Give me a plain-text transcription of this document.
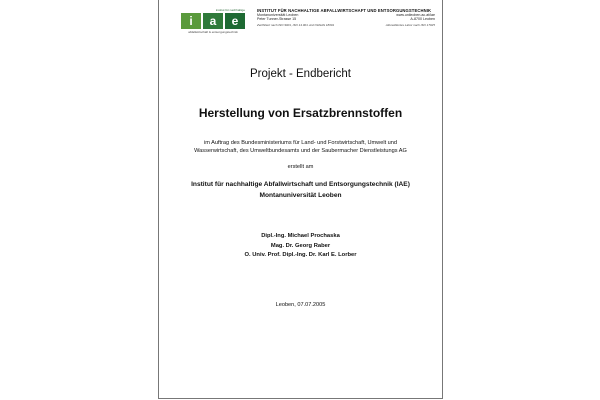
institut für nachhaltige
i	a	e
abfallwirtschaft & entsorgungstechnik
INSTITUT FÜR NACHHALTIGE ABFALLWIRTSCHAFT UND ENTSORGUNGSTECHNIK
Montanuniversität Leoben	www.unileoben.ac.at/iae
Peter Tunner-Strasse 15	A-8700 Leoben
Zertifiziert nach ISO 9001, ISO 14.001 und OHSAS 18001	Akkreditiertes Labor nach ISO 17025
Projekt - Endbericht
Herstellung von Ersatzbrennstoffen
im Auftrag des Bundesministeriums für Land- und Forstwirtschaft, Umwelt und Wasserwirtschaft, des Umweltbundesamts und der Saubermacher Dienstleistungs AG
erstellt am
Institut für nachhaltige Abfallwirtschaft und Entsorgungstechnik (IAE)
Montanuniversität Leoben
Dipl.-Ing. Michael Prochaska
Mag. Dr. Georg Raber
O. Univ. Prof. Dipl.-Ing. Dr. Karl E. Lorber
Leoben, 07.07.2005
